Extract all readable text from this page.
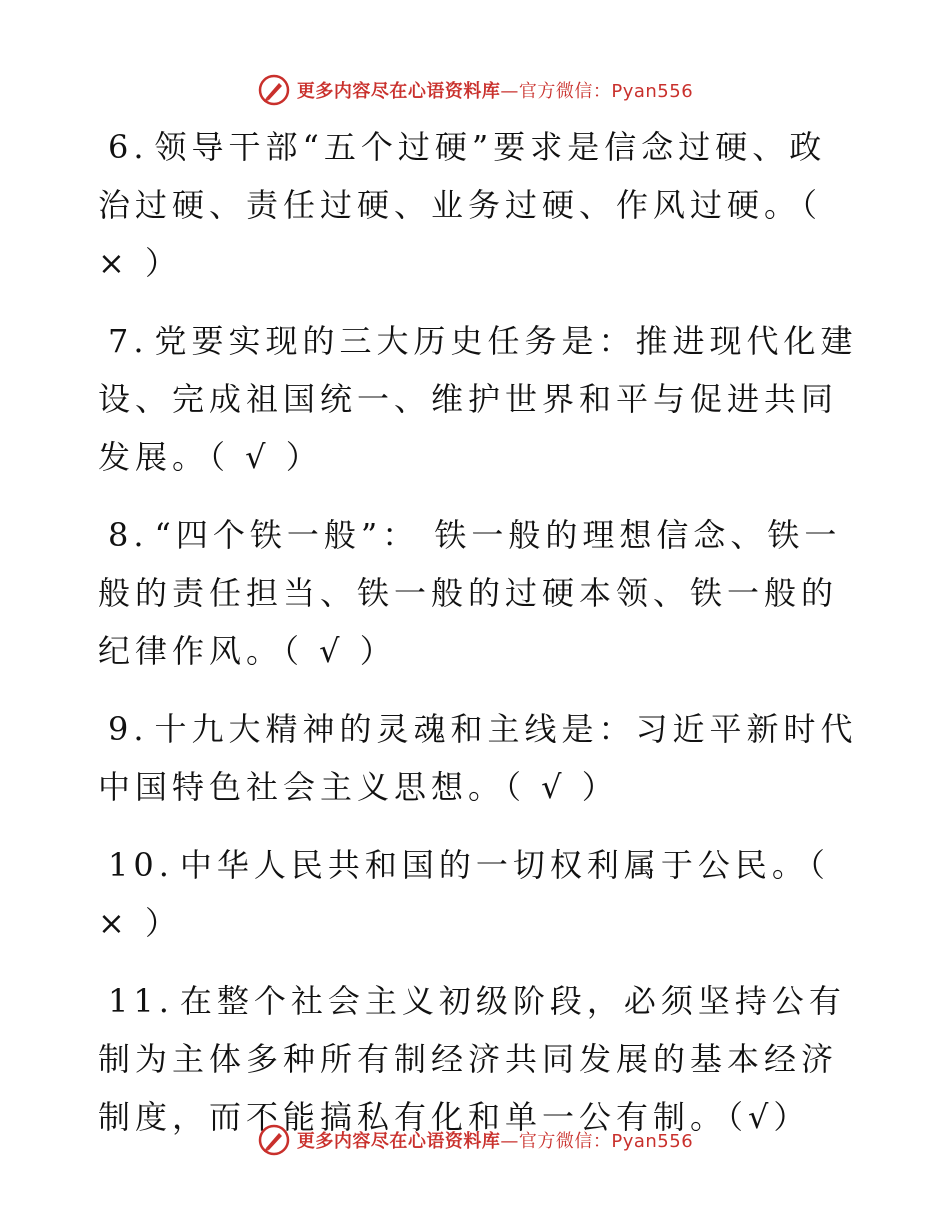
更多内容尽在心语资料库—官方微信：Pyan556

6. 领导干部“五个过硬”要求是信念过硬、政治过硬、责任过硬、业务过硬、作风过硬。（ × ）

7. 党要实现的三大历史任务是：推进现代化建设、完成祖国统一、维护世界和平与促进共同发展。（ √ ）

8. “四个铁一般”： 铁一般的理想信念、铁一般的责任担当、铁一般的过硬本领、铁一般的纪律作风。（ √ ）

9. 十九大精神的灵魂和主线是：习近平新时代中国特色社会主义思想。（ √ ）

10. 中华人民共和国的一切权利属于公民。（ × ）

11. 在整个社会主义初级阶段，必须坚持公有制为主体多种所有制经济共同发展的基本经济制度，而不能搞私有化和单一公有制。（√）

更多内容尽在心语资料库—官方微信：Pyan556
